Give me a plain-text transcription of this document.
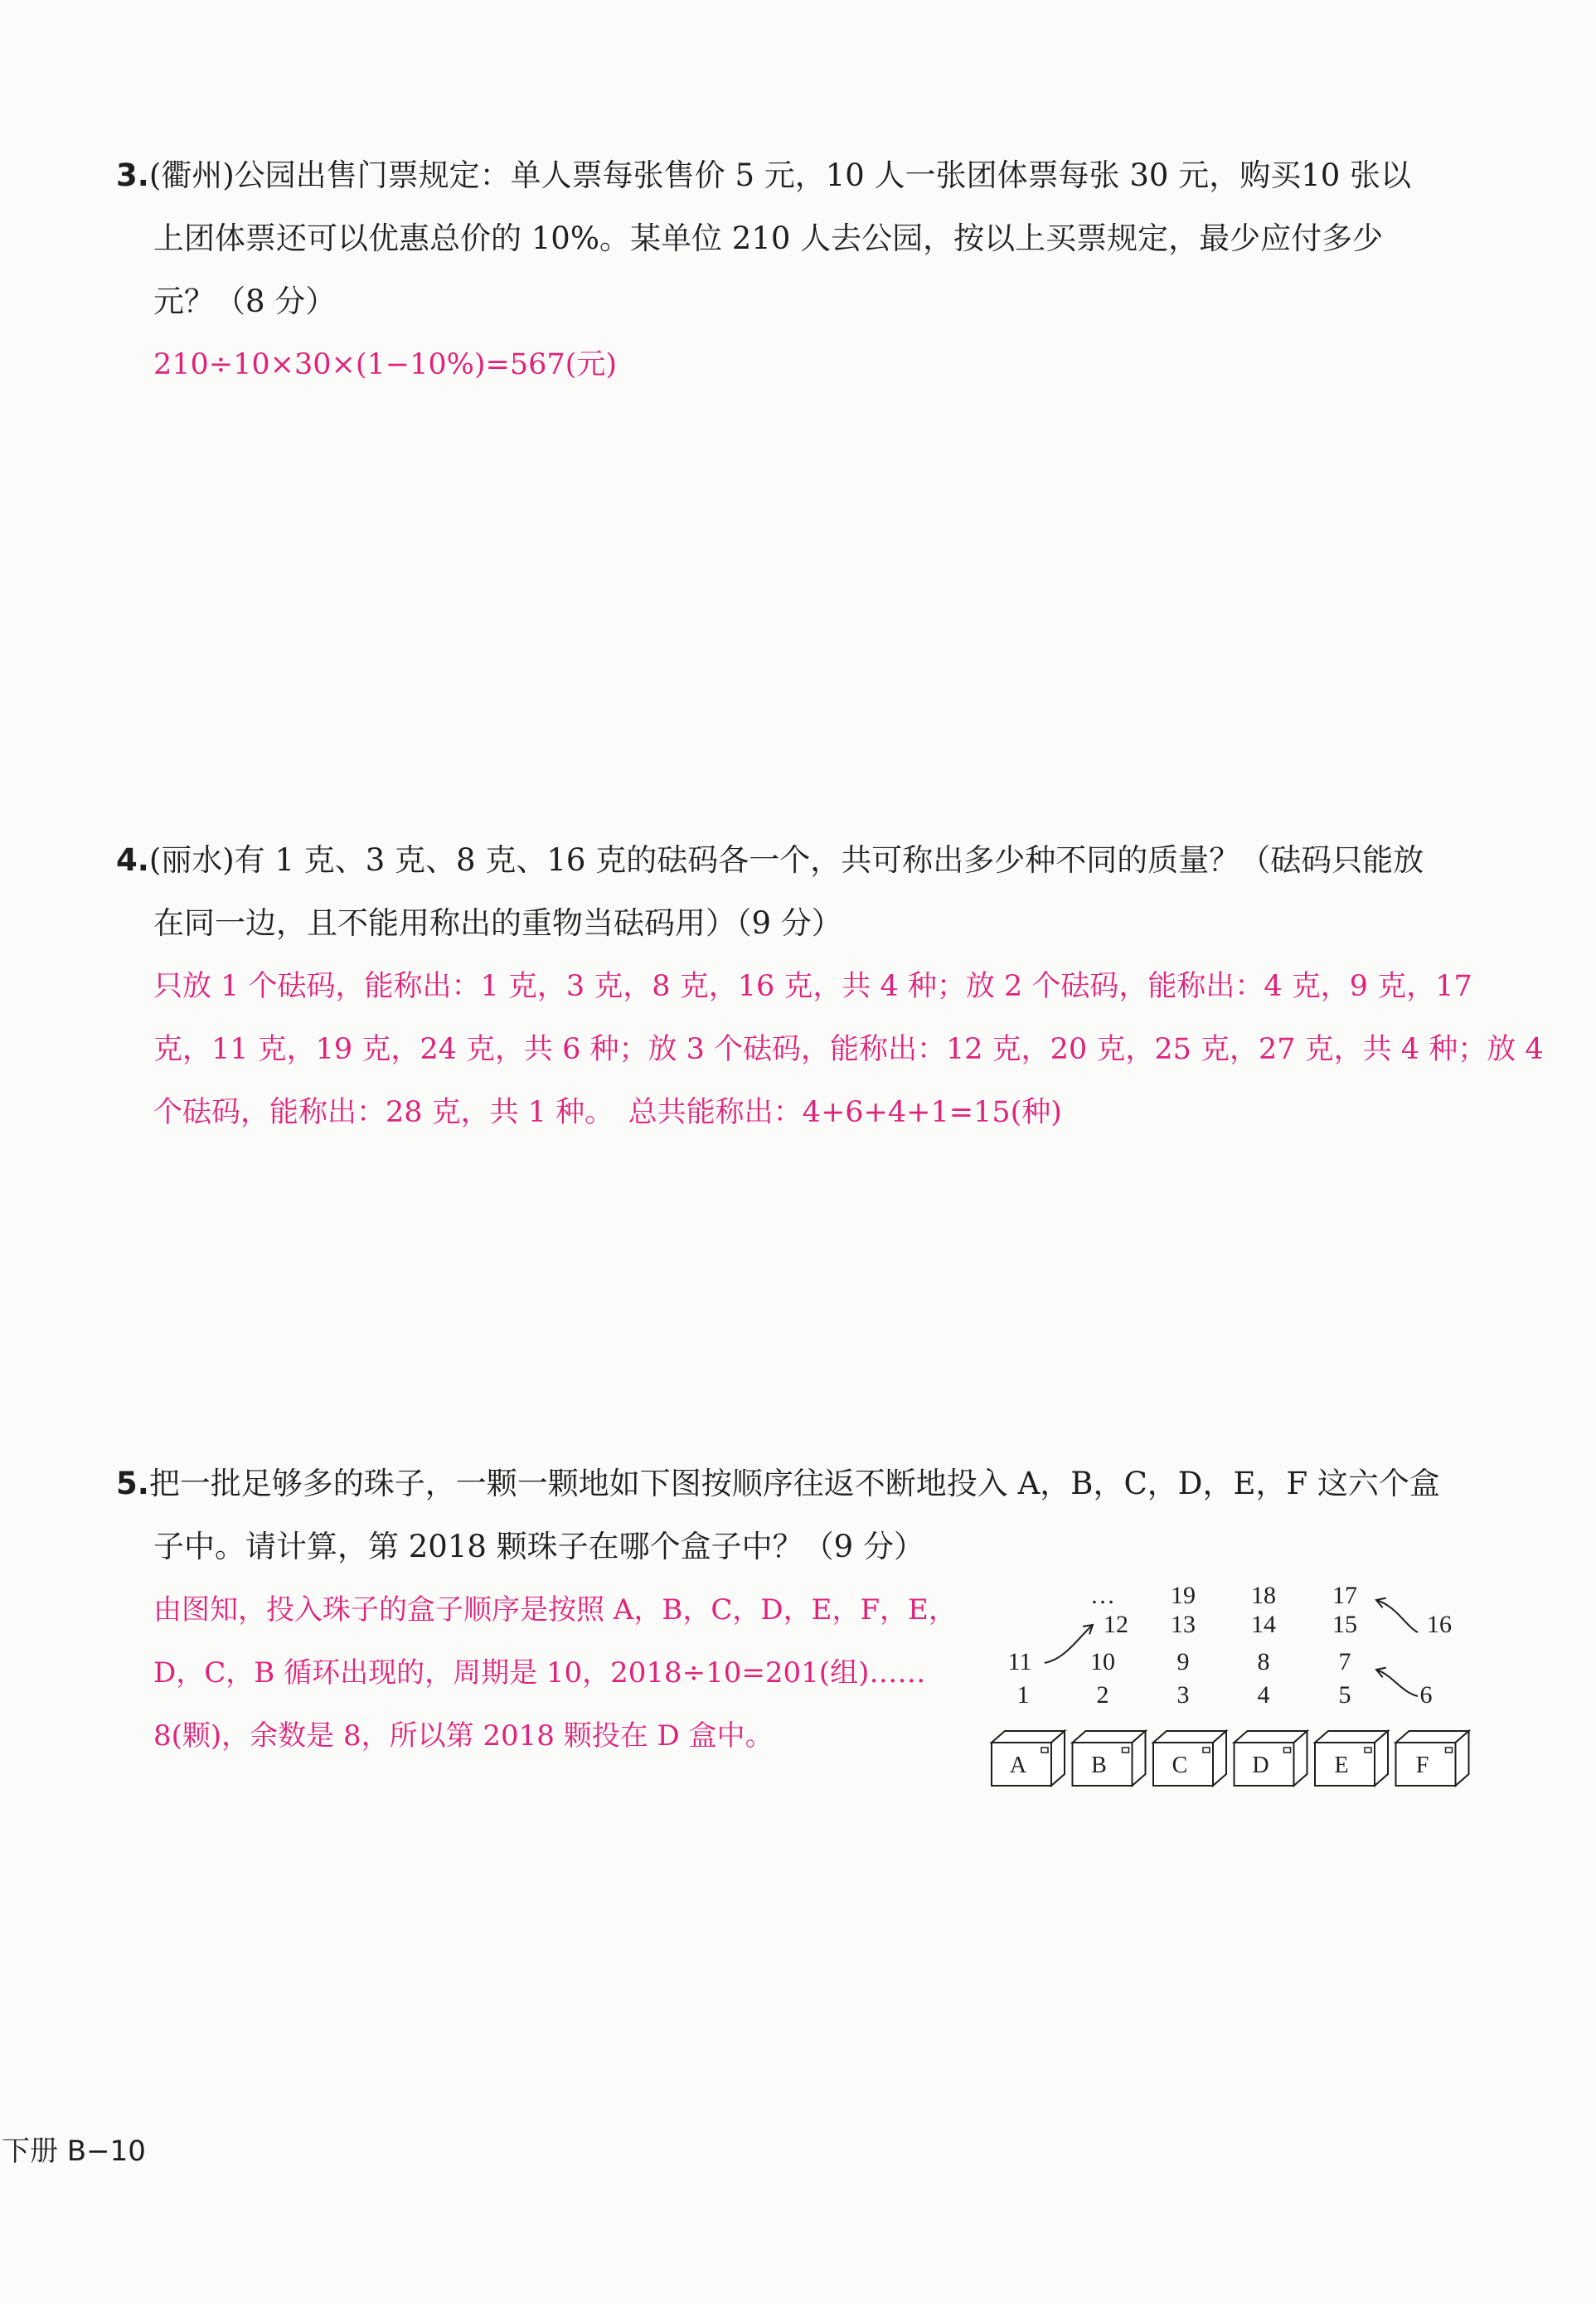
3.(衢州)公园出售门票规定：单人票每张售价 5 元，10 人一张团体票每张 30 元，购买10 张以
上团体票还可以优惠总价的 10%。某单位 210 人去公园，按以上买票规定，最少应付多少
元？（8 分）
210÷10×30×(1−10%)=567(元)
4.(丽水)有 1 克、3 克、8 克、16 克的砝码各一个，共可称出多少种不同的质量？（砝码只能放
在同一边，且不能用称出的重物当砝码用）（9 分）
只放 1 个砝码，能称出：1 克，3 克，8 克，16 克，共 4 种；放 2 个砝码，能称出：4 克，9 克，17
克，11 克，19 克，24 克，共 6 种；放 3 个砝码，能称出：12 克，20 克，25 克，27 克，共 4 种；放 4
个砝码，能称出：28 克，共 1 种。　总共能称出：4+6+4+1=15(种)
5.把一批足够多的珠子，一颗一颗地如下图按顺序往返不断地投入 A，B，C，D，E，F 这六个盒
子中。请计算，第 2018 颗珠子在哪个盒子中？（9 分）
由图知，投入珠子的盒子顺序是按照 A，B，C，D，E，F，E，
D，C，B 循环出现的，周期是 10，2018÷10=201(组)……
8(颗)，余数是 8，所以第 2018 颗投在 D 盒中。
… 19 18 17
12 13 14 15	16
11 10 9	8	7
1	2	3	4	5	6
A	B	C	D	E	F
下册 B−10
